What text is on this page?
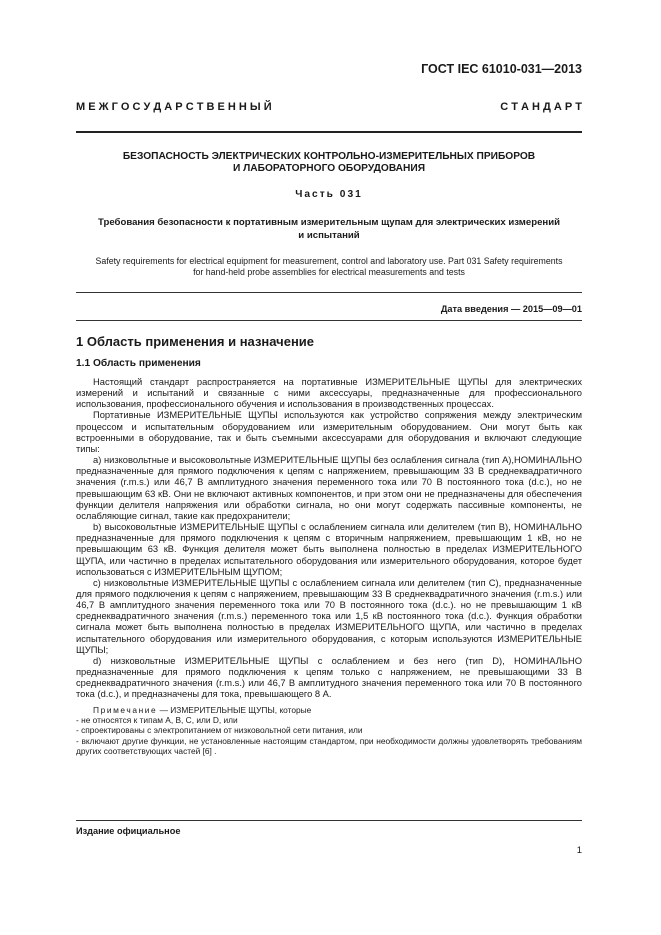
ГОСТ IEC 61010-031—2013
М Е Ж Г О С У Д А Р С Т В Е Н Н Ы Й	С Т А Н Д А Р Т
БЕЗОПАСНОСТЬ ЭЛЕКТРИЧЕСКИХ КОНТРОЛЬНО-ИЗМЕРИТЕЛЬНЫХ ПРИБОРОВ
И ЛАБОРАТОРНОГО ОБОРУДОВАНИЯ
Часть 031
Требования безопасности к портативным измерительным щупам для электрических измерений
и испытаний
Safety requirements for electrical equipment for measurement, control and laboratory use. Part 031 Safety requirements
for hand-held probe assemblies for electrical measurements and tests
Дата введения — 2015—09—01
1 Область применения и назначение
1.1 Область применения

Настоящий стандарт распространяется на портативные ИЗМЕРИТЕЛЬНЫЕ ЩУПЫ для электрических измерений и испытаний и связанные с ними аксессуары, предназначенные для профессионального использования, профессионального обучения и использования в производственных процессах.

Портативные ИЗМЕРИТЕЛЬНЫЕ ЩУПЫ используются как устройство сопряжения между электрическим процессом и испытательным оборудованием или измерительным оборудованием. Они могут быть как встроенными в оборудование, так и быть съемными аксессуарами для оборудования и включают следующие типы:

а) низковольтные и высоковольтные ИЗМЕРИТЕЛЬНЫЕ ЩУПЫ без ослабления сигнала (тип А),НОМИНАЛЬНО предназначенные для прямого подключения к цепям с напряжением, превышающим 33 В среднеквадратичного значения (r.m.s.) или 46,7 В амплитудного значения переменного тока или 70 В постоянного тока (d.c.), но не превышающим 63 кВ. Они не включают активных компонентов, и при этом они не предназначены для обеспечения функции делителя напряжения или обработки сигнала, но они могут содержать пассивные компоненты, не ослабляющие сигнал, такие как предохранители;

b) высоковольтные ИЗМЕРИТЕЛЬНЫЕ ЩУПЫ с ослаблением сигнала или делителем (тип В), НОМИНАЛЬНО предназначенные для прямого подключения к цепям с вторичным напряжением, превышающим 1 кВ, но не превышающим 63 кВ. Функция делителя может быть выполнена полностью в пределах ИЗМЕРИТЕЛЬНОГО ЩУПА, или частично в пределах испытательного оборудования или измерительного оборудования, которое будет использоваться с ИЗМЕРИТЕЛЬНЫМ ЩУПОМ;

c) низковольтные ИЗМЕРИТЕЛЬНЫЕ ЩУПЫ с ослаблением сигнала или делителем (тип С), предназначенные для прямого подключения к цепям с напряжением, превышающим 33 В среднеквадратичного значения (r.m.s.) или 46,7 В амплитудного значения переменного тока или 70 В постоянного тока (d.c.). но не превышающим 1 кВ среднеквадратичного значения (r.m.s.) переменного тока или 1,5 кВ постоянного тока (d.c.). Функция обработки сигнала может быть выполнена полностью в пределах ИЗМЕРИТЕЛЬНОГО ЩУПА, или частично в пределах испытательного оборудования или измерительного оборудования, с которым используются ИЗМЕРИТЕЛЬНЫЕ ЩУПЫ;

d) низковольтные ИЗМЕРИТЕЛЬНЫЕ ЩУПЫ с ослаблением и без него (тип D), НОМИНАЛЬНО предназначенные для прямого подключения к цепям только с напряжением, не превышающими 33 В среднеквадратичного значения (r.m.s.) или 46,7 В амплитудного значения переменного тока или 70 В постоянного тока (d.c.), и предназначены для тока, превышающего 8 А.

Примечание — ИЗМЕРИТЕЛЬНЫЕ ЩУПЫ, которые
- не относятся к типам A, B, C, или D, или
- спроектированы с электропитанием от низковольтной сети питания, или
- включают другие функции, не установленные настоящим стандартом, при необходимости должны удовлетворять требованиям других соответствующих частей [6] .
Издание официальное
1
